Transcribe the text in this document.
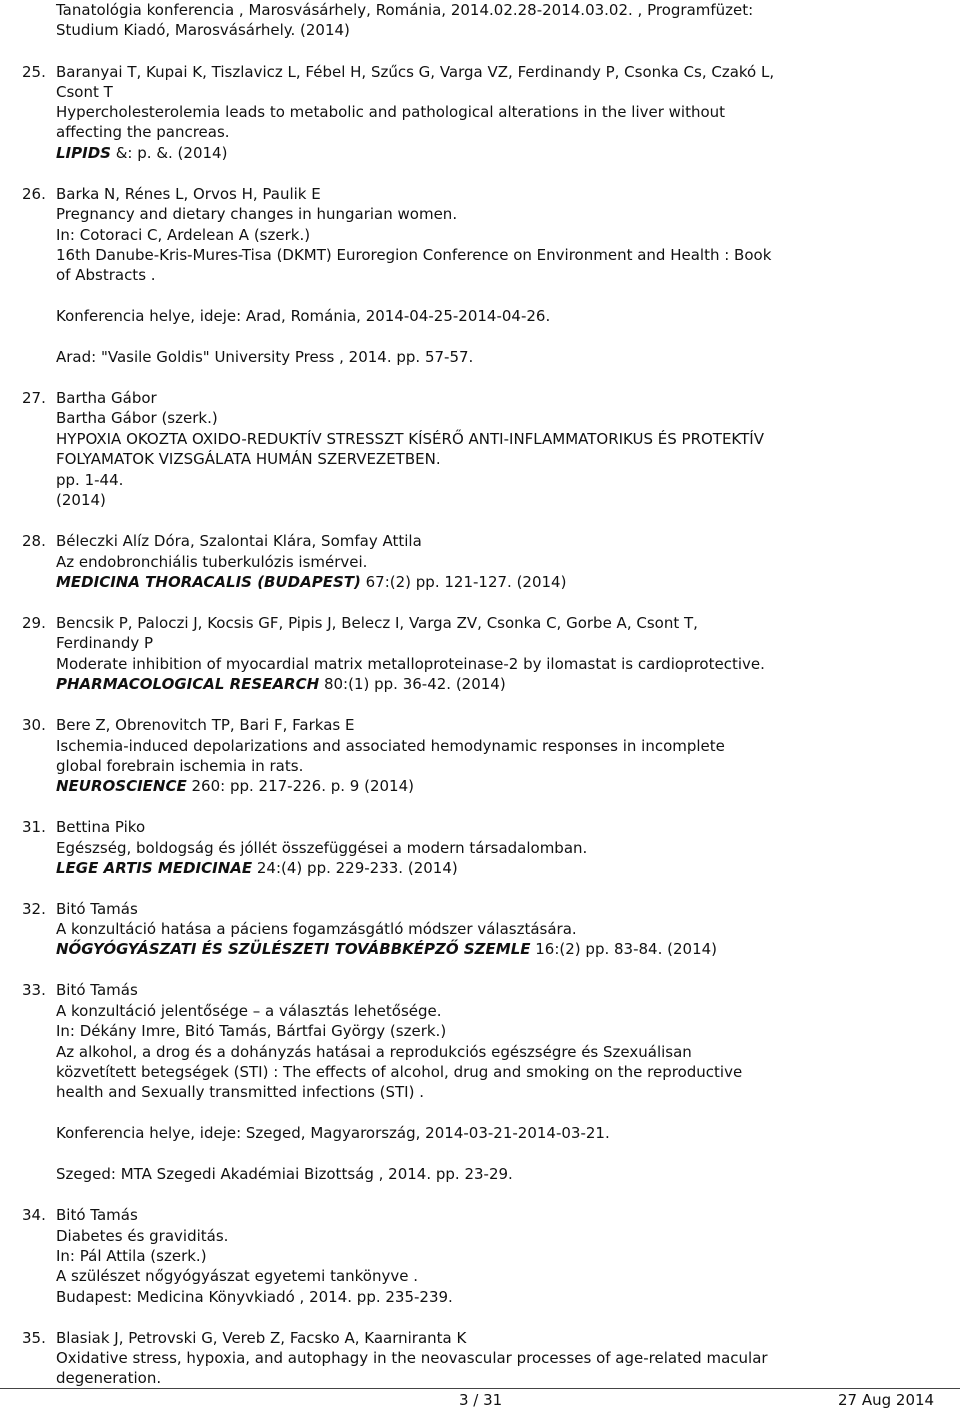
Tanatológia konferencia , Marosvásárhely, Románia, 2014.02.28-2014.03.02. , Programfüzet:
Studium Kiadó, Marosvásárhely. (2014)
25. Baranyai T, Kupai K, Tiszlavicz L, Fébel H, Szűcs G, Varga VZ, Ferdinandy P, Csonka Cs, Czakó L,
Csont T
Hypercholesterolemia leads to metabolic and pathological alterations in the liver without
affecting the pancreas.
LIPIDS &: p. &. (2014)
26. Barka N, Rénes L, Orvos H, Paulik E
Pregnancy and dietary changes in hungarian women.
In: Cotoraci C, Ardelean A (szerk.)
16th Danube-Kris-Mures-Tisa (DKMT) Euroregion Conference on Environment and Health : Book
of Abstracts .
Konferencia helye, ideje: Arad, Románia, 2014-04-25-2014-04-26.
Arad: "Vasile Goldis" University Press , 2014. pp. 57-57.
27. Bartha Gábor
Bartha Gábor (szerk.)
HYPOXIA OKOZTA OXIDO-REDUKTÍV STRESSZT KÍSÉRŐ ANTI-INFLAMMATORIKUS ÉS PROTEKTÍV
FOLYAMATOK VIZSGÁLATA HUMÁN SZERVEZETBEN.
pp. 1-44.
(2014)
28. Béleczki Alíz Dóra, Szalontai Klára, Somfay Attila
Az endobronchiális tuberkulózis ismérvei.
MEDICINA THORACALIS (BUDAPEST) 67:(2) pp. 121-127. (2014)
29. Bencsik P, Paloczi J, Kocsis GF, Pipis J, Belecz I, Varga ZV, Csonka C, Gorbe A, Csont T,
Ferdinandy P
Moderate inhibition of myocardial matrix metalloproteinase-2 by ilomastat is cardioprotective.
PHARMACOLOGICAL RESEARCH 80:(1) pp. 36-42. (2014)
30. Bere Z, Obrenovitch TP, Bari F, Farkas E
Ischemia-induced depolarizations and associated hemodynamic responses in incomplete
global forebrain ischemia in rats.
NEUROSCIENCE 260: pp. 217-226. p. 9 (2014)
31. Bettina Piko
Egészség, boldogság és jóllét összefüggései a modern társadalomban.
LEGE ARTIS MEDICINAE 24:(4) pp. 229-233. (2014)
32. Bitó Tamás
A konzultáció hatása a páciens fogamzásgátló módszer választására.
NŐGYÓGYÁSZATI ÉS SZÜLÉSZETI TOVÁBBKÉPZŐ SZEMLE 16:(2) pp. 83-84. (2014)
33. Bitó Tamás
A konzultáció jelentősége – a választás lehetősége.
In: Dékány Imre, Bitó Tamás, Bártfai György (szerk.)
Az alkohol, a drog és a dohányzás hatásai a reprodukciós egészségre és Szexuálisan
közvetített betegségek (STI) : The effects of alcohol, drug and smoking on the reproductive
health and Sexually transmitted infections (STI) .
Konferencia helye, ideje: Szeged, Magyarország, 2014-03-21-2014-03-21.
Szeged: MTA Szegedi Akadémiai Bizottság , 2014. pp. 23-29.
34. Bitó Tamás
Diabetes és graviditás.
In: Pál Attila (szerk.)
A szülészet nőgyógyászat egyetemi tankönyve .
Budapest: Medicina Könyvkiadó , 2014. pp. 235-239.
35. Blasiak J, Petrovski G, Vereb Z, Facsko A, Kaarniranta K
Oxidative stress, hypoxia, and autophagy in the neovascular processes of age-related macular
degeneration.
3 / 31	27 Aug 2014
